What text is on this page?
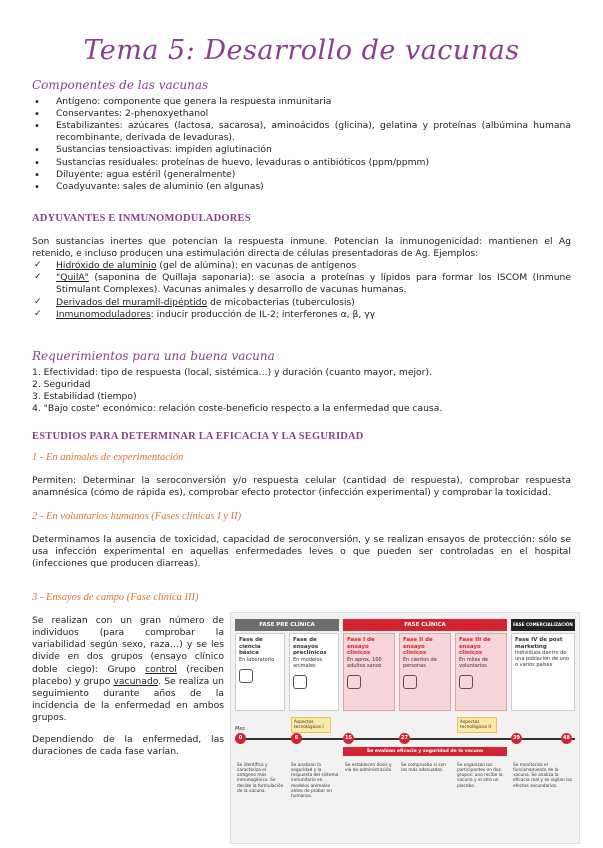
Tema 5: Desarrollo de vacunas
Componentes de las vacunas
• Antígeno: componente que genera la respuesta inmunitaria
• Conservantes: 2-phenoxyethanol
• Estabilizantes: azúcares (lactosa, sacarosa), aminoácidos (glicina), gelatina y proteínas (albúmina humana recombinante, derivada de levaduras).
• Sustancias tensioactivas: impiden aglutinación
• Sustancias residuales: proteínas de huevo, levaduras o antibióticos (ppm/ppmm)
• Diluyente: agua estéril (generalmente)
• Coadyuvante: sales de aluminio (en algunas)
ADYUVANTES E INMUNOMODULADORES

Son sustancias inertes que potencian la respuesta inmune. Potencian la inmunogenicidad: mantienen el Ag retenido, e incluso producen una estimulación directa de células presentadoras de Ag. Ejemplos:

✓ Hidróxido de aluminio (gel de alúmina): en vacunas de antígenos
✓ "QuilA" (saponina de Quillaja saponaria): se asocia a proteínas y lípidos para formar los ISCOM (Inmune Stimulant Complexes). Vacunas animales y desarrollo de vacunas humanas.
✓ Derivados del muramil-dipéptido de micobacterias (tuberculosis)
✓ Inmunomoduladores: inducir producción de IL-2; interferones α, β, γγ
Requerimientos para una buena vacuna
1. Efectividad: tipo de respuesta (local, sistémica…) y duración (cuanto mayor, mejor).
2. Seguridad
3. Estabilidad (tiempo)
4. "Bajo coste" económico: relación coste-beneficio respecto a la enfermedad que causa.
ESTUDIOS PARA DETERMINAR LA EFICACIA Y LA SEGURIDAD
1 - En animales de experimentación

Permiten: Determinar la seroconversión y/o respuesta celular (cantidad de respuesta), comprobar respuesta anamnésica (cómo de rápida es), comprobar efecto protector (infección experimental) y comprobar la toxicidad.

2 - En voluntarios humanos (Fases clínicas I y II)

Determinamos la ausencia de toxicidad, capacidad de seroconversión, y se realizan ensayos de protección: sólo se usa infección experimental en aquellas enfermedades leves o que pueden ser controladas en el hospital (infecciones que producen diarreas).

3 - Ensayos de campo (Fase clínica III)

Se realizan con un gran número de individuos (para comprobar la variabilidad según sexo, raza…) y se les divide en dos grupos (ensayo clínico doble ciego): Grupo control (reciben placebo) y grupo vacunado. Se realiza un seguimiento durante años de la incidencia de la enfermedad en ambos grupos.

Dependiendo de la enfermedad, las duraciones de cada fase varían.

FASE PRE CLÍNICA	FASE CLÍNICA	FASE COMERCIALIZACIÓN
Fase de ciencia básica
En laboratorio
Fase de ensayos preclínicos
En modelos animales
Fase I de ensayo clínicos
En aprox. 100 adultos sanos
Fase II de ensayo clínicos
En cientos de personas
Fase III de ensayo clínicos
En miles de voluntarios
Fase IV de post marketing
Individuos dentro de una población de uno o varios países
Aspectos tecnológicos I
Aspectos tecnológicos II
Mes
0	6	15	27	39	48
Se evalúan eficacia y seguridad de la vacuna
Se identifica y caracteriza el antígeno más inmunogénico. Se decide la formulación de la vacuna.
Se analizan la seguridad y la respuesta del sistema inmunitario en modelos animales antes de probar en humanos.
Se establecen dosis y vía de administración.
Se comprueba si son las más adecuadas.
Se organizan los participantes en dos grupos: uno recibe la vacuna y el otro un placebo.
Se monitoriza el funcionamiento de la vacuna. Se analiza la eficacia real y se vigilan los efectos secundarios.
